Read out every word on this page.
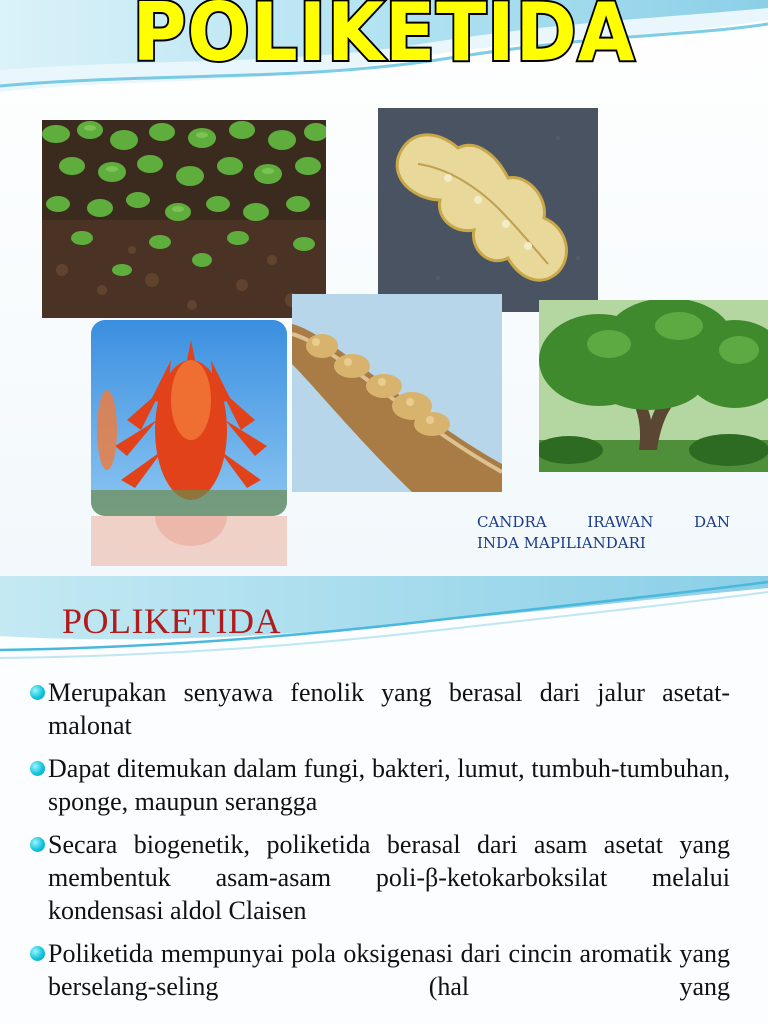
POLIKETIDA
CANDRA	IRAWAN	DAN
INDA MAPILIANDARI
POLIKETIDA
Merupakan senyawa fenolik yang berasal dari jalur asetat-malonat
Dapat ditemukan dalam fungi, bakteri, lumut, tumbuh-tumbuhan, sponge, maupun serangga
Secara biogenetik, poliketida berasal dari asam asetat yang membentuk asam-asam poli-β-ketokarboksilat melalui kondensasi aldol Claisen
Poliketida mempunyai pola oksigenasi dari cincin aromatik yang berselang-seling (hal yang
